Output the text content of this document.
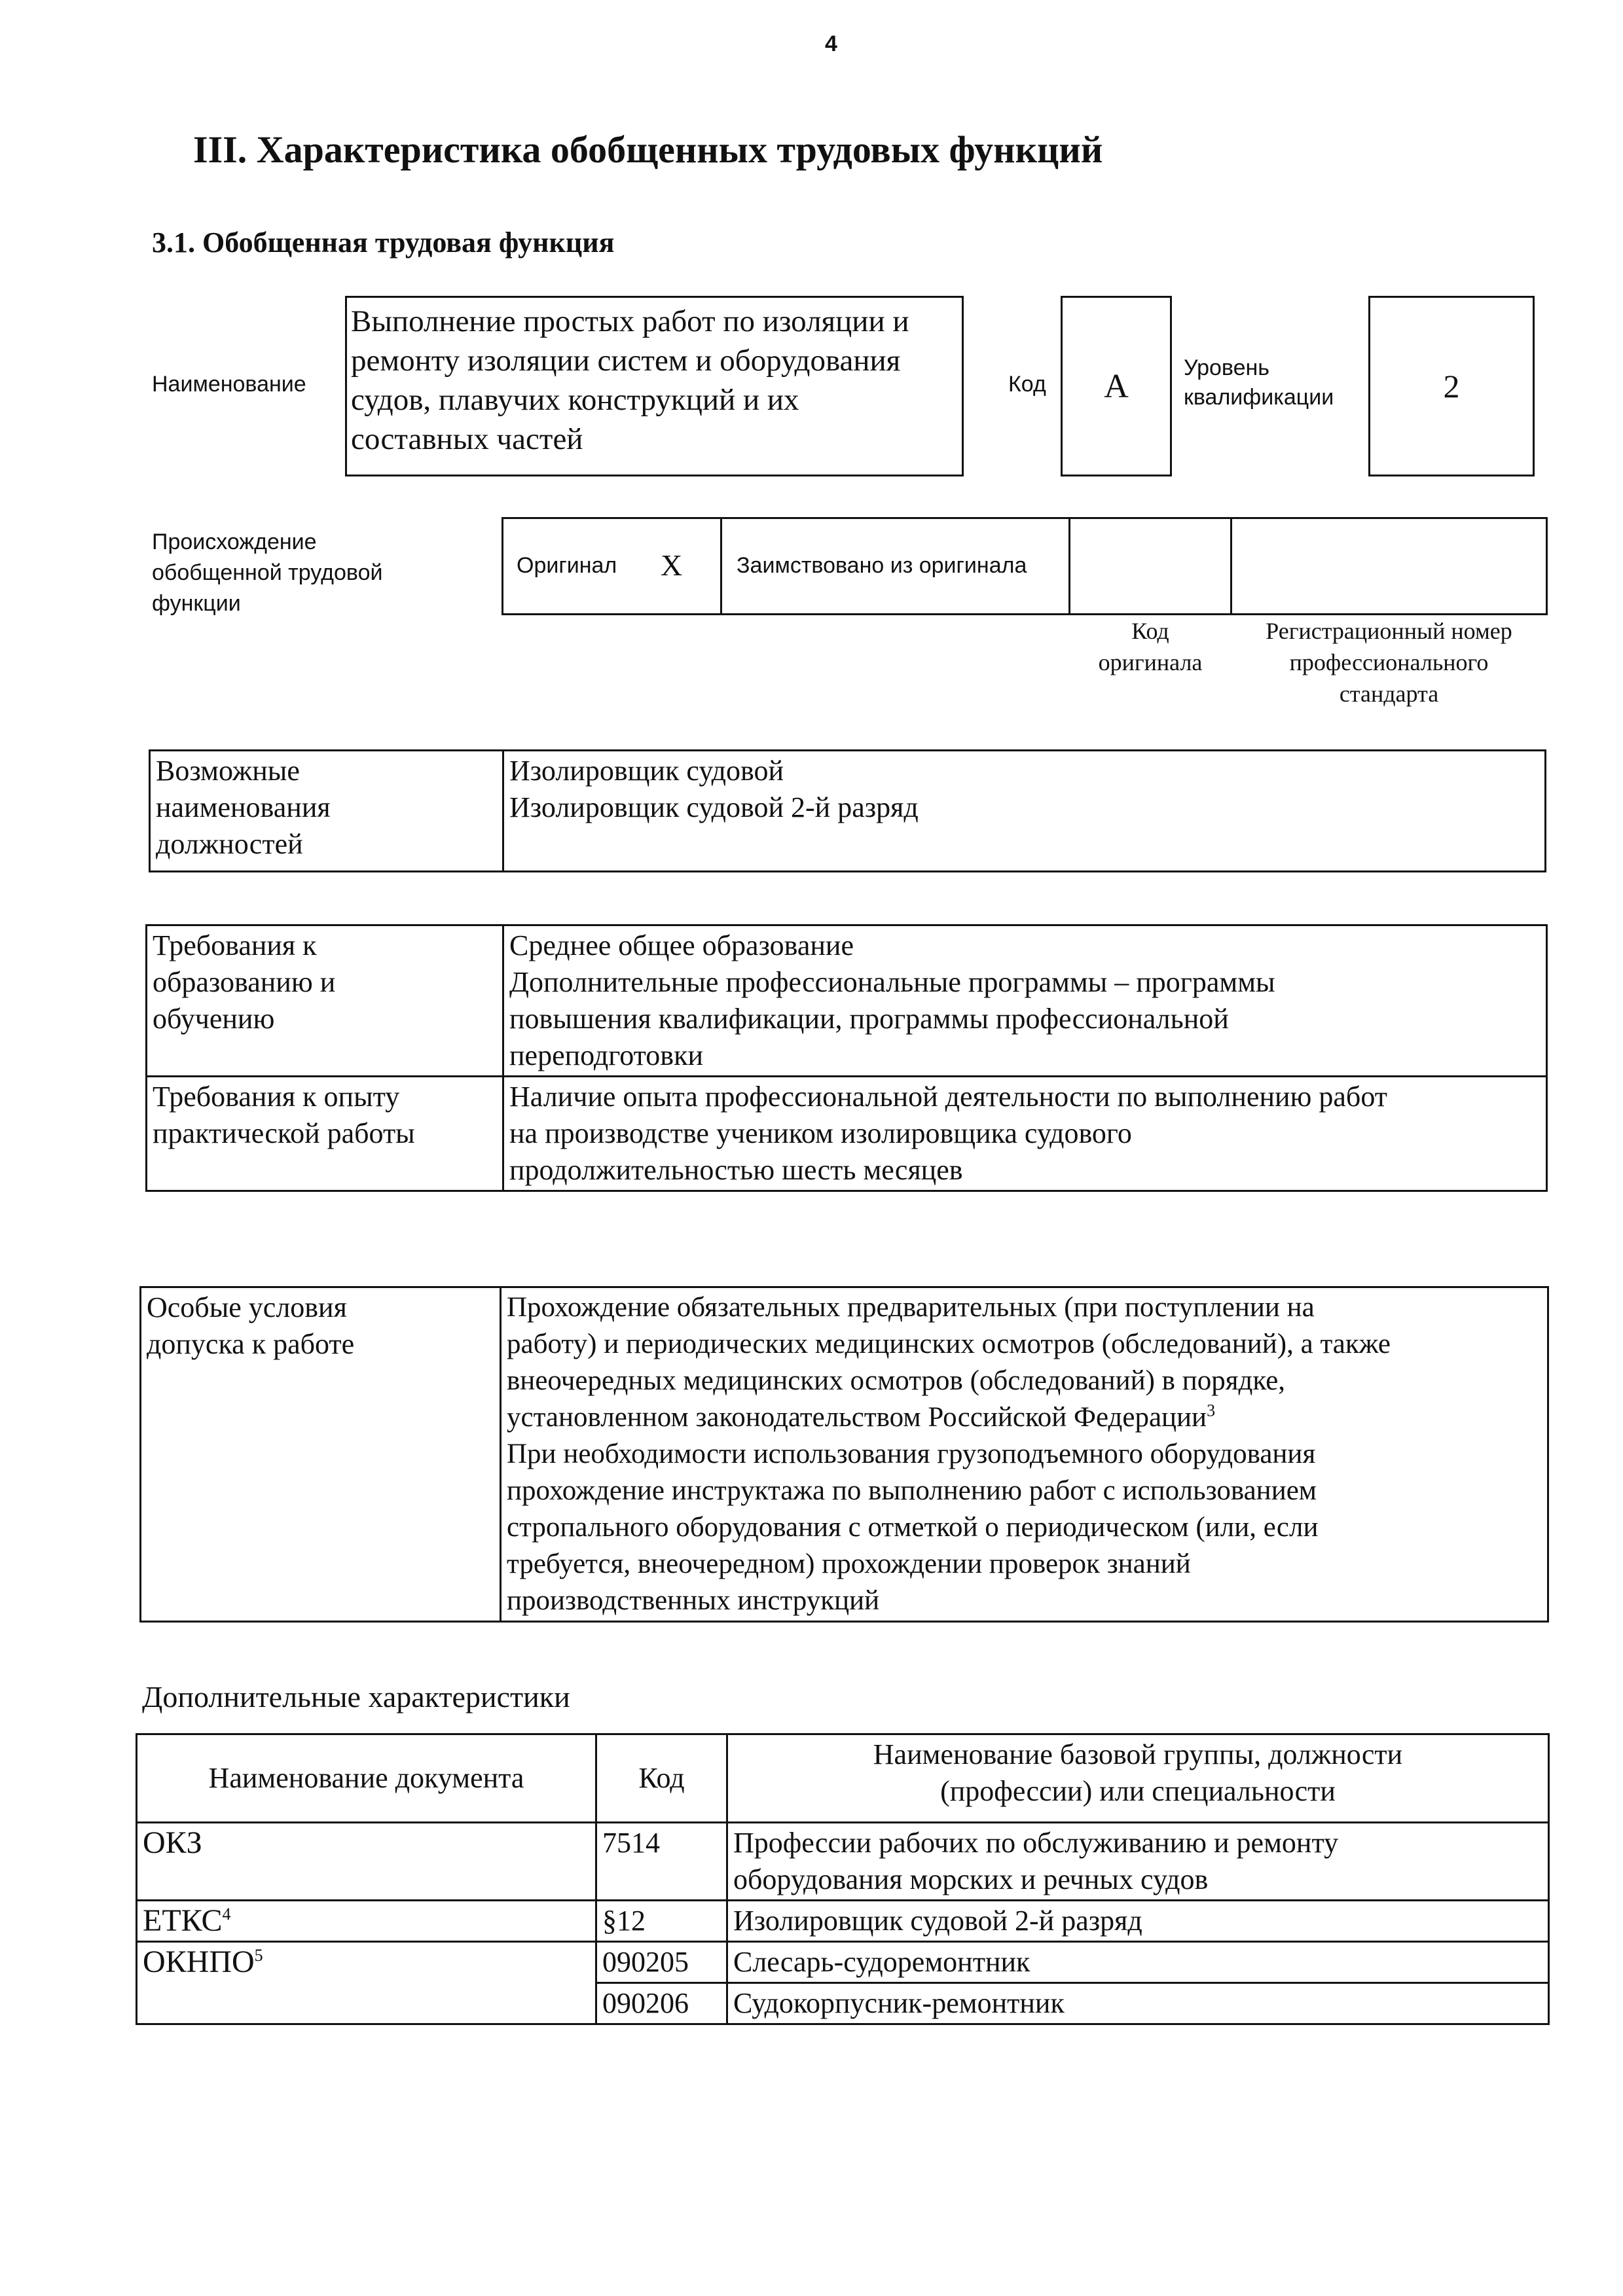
4
III. Характеристика обобщенных трудовых функций
3.1. Обобщенная трудовая функция
Наименование
Выполнение простых работ по изоляции и
ремонту изоляции систем и оборудования
судов, плавучих конструкций и их
составных частей
Код А Уровень
квалификации	2
Происхождение
обобщенной трудовой
функции
Оригинал X Заимствовано из оригинала
Код
оригинала
Регистрационный номер
профессионального
стандарта
Возможные
наименования
должностей

Изолировщик судовой
Изолировщик судовой 2-й разряд
Требования к
образованию и
обучению	Среднее общее образование
Дополнительные профессиональные программы – программы
повышения квалификации, программы профессиональной
переподготовки

Требования к опыту
практической работы	Наличие опыта профессиональной деятельности по выполнению работ
на производстве учеником изолировщика судового
продолжительностью шесть месяцев
Особые условия
допуска к работе

Прохождение обязательных предварительных (при поступлении на
работу) и периодических медицинских осмотров (обследований), а также
внеочередных медицинских осмотров (обследований) в порядке,
установленном законодательством Российской Федерации$^3$
При необходимости использования грузоподъемного оборудования
прохождение инструктажа по выполнению работ с использованием
стропального оборудования с отметкой о периодическом (или, если
требуется, внеочередном) прохождении проверок знаний
производственных инструкций
Дополнительные характеристики
Наименование документа	Код	Наименование базовой группы, должности
(профессии) или специальности

ОКЗ	7514	Профессии рабочих по обслуживанию и ремонту
оборудования морских и речных судов

ЕТКС$^4$	§12	Изолировщик судовой 2-й разряд

ОКНПО$^5$	090205	Слесарь-судоремонтник

	090206	Судокорпусник-ремонтник
